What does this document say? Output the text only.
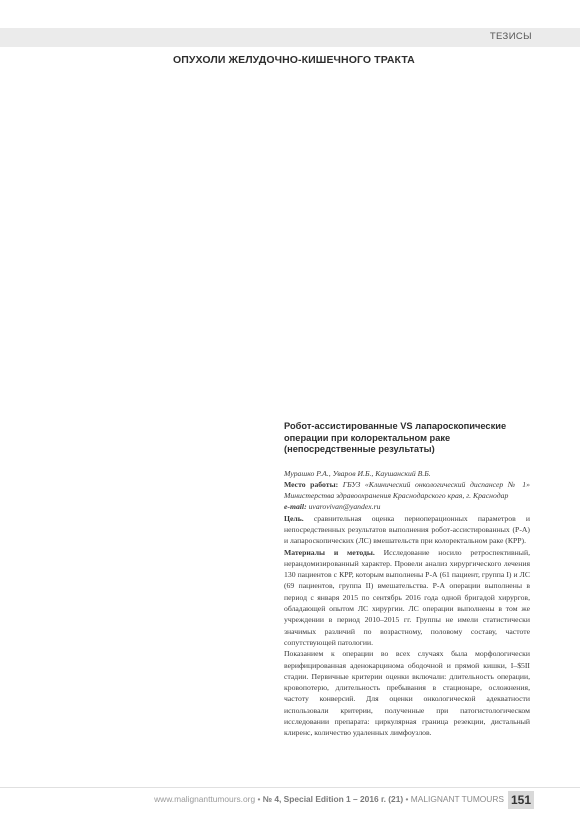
ТЕЗИСЫ
ОПУХОЛИ ЖЕЛУДОЧНО-КИШЕЧНОГО ТРАКТА
Робот-ассистированные VS лапароскопические
операции при колоректальном раке
(непосредственные результаты)
Мурашко Р.А., Уваров И.Б., Каушанский В.Б.
Место работы: ГБУЗ «Клинический онкологический диспансер № 1» Министерства здравоохранения Краснодарского края, г. Краснодар
e-mail: uvarovivan@yandex.ru
Цель. сравнительная оценка периоперационных параметров и непосредственных результатов выполнения робот-ассистированных (Р-А) и лапароскопических (ЛС) вмешательств при колоректальном раке (КРР).
Материалы и методы. Исследование носило ретроспективный, нерандомизированный характер. Провели анализ хирургического лечения 130 пациентов с КРР, которым выполнены Р-А (61 пациент, группа I) и ЛС (69 пациентов, группа II) вмешательства. Р-А операции выполнены в период с января 2015 по сентябрь 2016 года одной бригадой хирургов, обладающей опытом ЛС хирургии. ЛС операции выполнены в том же учреждении в период 2010–2015 гг. Группы не имели статистически значимых различий по возрастному, половому составу, частоте сопутствующей патологии.
Показанием к операции во всех случаях была морфологически верифицированная аденокарцинома ободочной и прямой кишки, I–$5II стадии. Первичные критерии оценки включали: длительность операции, кровопотерю, длительность пребывания в стационаре, осложнения, частоту конверсий. Для оценки онкологической адекватности использовали критерии, полученные при патогистологическом исследовании препарата: циркулярная граница резекции, дистальный клиренс, количество удаленных лимфоузлов.
www.malignanttumours.org • № 4, Special Edition 1 – 2016 г. (21) • MALIGNANT TUMOURS 151
